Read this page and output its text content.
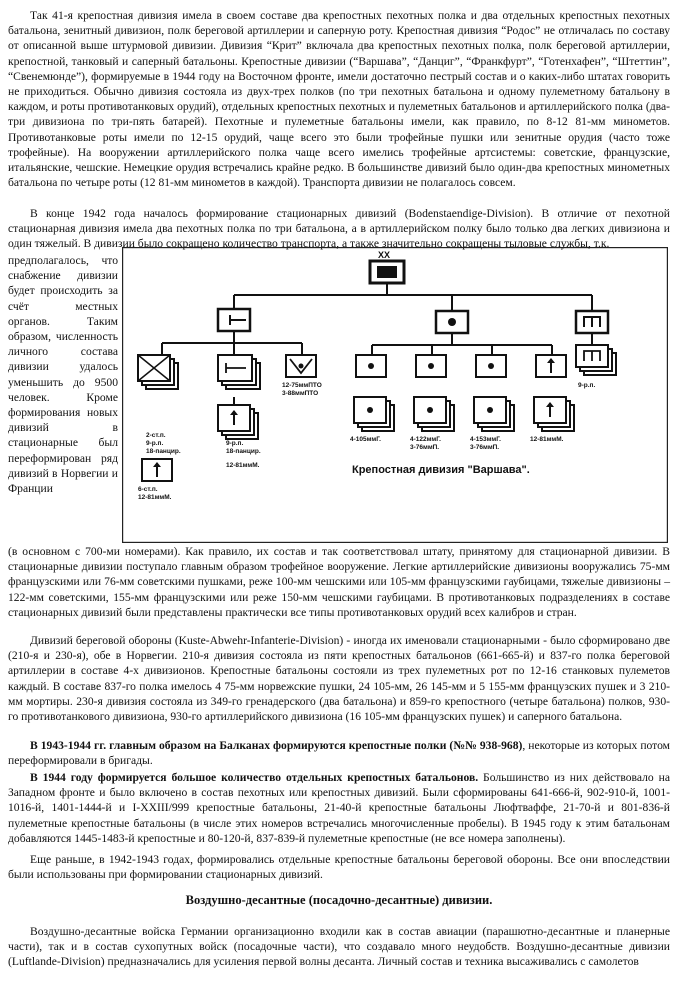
Так 41-я крепостная дивизия имела в своем составе два крепостных пехотных полка и два отдельных крепостных пехотных батальона, зенитный дивизион, полк береговой артиллерии и саперную роту. Крепостная дивизия “Родос” не отличалась по составу от описанной выше штурмовой дивизии. Дивизия “Крит” включала два крепостных пехотных полка, полк береговой артиллерии, крепостной, танковый и саперный батальоны. Крепостные дивизии (“Варшава”, “Данциг”, “Франкфурт”, “Готенхафен”, “Штеттин”, “Свенемюнде”), формируемые в 1944 году на Восточном фронте, имели достаточно пестрый состав и о каких-либо штатах говорить не приходиться. Обычно дивизия состояла из двух-трех полков (по три пехотных батальона и одному пулеметному батальону в каждом, и роты противотанковых орудий), отдельных крепостных пехотных и пулеметных батальонов и артиллерийского полка (два-три дивизиона по три-пять батарей). Пехотные и пулеметные батальоны имели, как правило, по 8-12 81-мм минометов. Противотанковые роты имели по 12-15 орудий, чаще всего это были трофейные пушки или зенитные орудия (часто тоже трофейные). На вооружении артиллерийского полка чаще всего имелись трофейные артсистемы: советские, французские, итальянские, чешские. Немецкие орудия встречались крайне редко. В большинстве дивизий было один-два крепостных минометных батальона по четыре роты (12 81-мм минометов в каждой). Транспорта дивизии не полагалось совсем.

В конце 1942 года началось формирование стационарных дивизий (Bodenstaendige-Division). В отличие от пехотной стационарная дивизия имела два пехотных полка по три батальона, а в артиллерийском полку было только два легких дивизиона и один тяжелый. В дивизии было сокращено количество транспорта, а также значительно сокращены тыловые службы, т.к.

предполагалось, что снабжение дивизии будет происходить за счёт местных органов. Таким образом, численность личного состава дивизии удалось уменьшить до 9500 человек. Кроме формирования новых дивизий в стационарные был переформирован ряд дивизий в Норвегии и Франции
XX
2-ст.п. 9-р.п. 18-панцир.
9-р.п. 18-панцир.
12-75ммПТО 3-88ммПТО
12-81ммМ.
6-ст.п. 12-81ммМ.
4-105ммГ.	4-122ммГ. 3-76ммП.
4-153ммГ. 3-76ммП.
12-81ммМ.
9-р.п.
Крепостная дивизия "Варшава".

(в основном с 700-ми номерами). Как правило, их состав и так соответствовал штату, принятому для стационарной дивизии. В стационарные дивизии поступало главным образом трофейное вооружение. Легкие артиллерийские дивизионы вооружались 75-мм французскими или 76-мм советскими пушками, реже 100-мм чешскими или 105-мм французскими гаубицами, тяжелые дивизионы – 122-мм советскими, 155-мм французскими или реже 150-мм чешскими гаубицами. В противотанковых подразделениях в составе стационарных дивизий были представлены практически все типы противотанковых орудий всех калибров и стран.

Дивизий береговой обороны (Kuste-Abwehr-Infanterie-Division) - иногда их именовали стационарными - было сформировано две (210-я и 230-я), обе в Норвегии. 210-я дивизия состояла из пяти крепостных батальонов (661-665-й) и 837-го полка береговой артиллерии в составе 4-х дивизионов. Крепостные батальоны состояли из трех пулеметных рот по 12-16 станковых пулеметов каждый. В составе 837-го полка имелось 4 75-мм норвежские пушки, 24 105-мм, 26 145-мм и 5 155-мм французских пушек и 3 210-мм мортиры. 230-я дивизия состояла из 349-го гренадерского (два батальона) и 859-го крепостного (четыре батальона) полков, 930-го противотанкового дивизиона, 930-го артиллерийского дивизиона (16 105-мм французских пушек) и саперного батальона.

В 1943-1944 гг. главным образом на Балканах формируются крепостные полки (№№ 938-968), некоторые из которых потом переформировали в бригады.

В 1944 году формируется большое количество отдельных крепостных батальонов. Большинство из них действовало на Западном фронте и было включено в состав пехотных или крепостных дивизий. Были сформированы 641-666-й, 902-910-й, 1001-1016-й, 1401-1444-й и I-XXIII/999 крепостные батальоны, 21-40-й крепостные батальоны Люфтваффе, 21-70-й и 801-836-й пулеметные крепостные батальоны (в числе этих номеров встречались многочисленные пробелы). В 1945 году к этим батальонам добавляются 1445-1483-й крепостные и 80-120-й, 837-839-й пулеметные крепостные (не все номера заполнены).

Еще раньше, в 1942-1943 годах, формировались отдельные крепостные батальоны береговой обороны. Все они впоследствии были использованы при формировании стационарных дивизий.

Воздушно-десантные (посадочно-десантные) дивизии.

Воздушно-десантные войска Германии организационно входили как в состав авиации (парашютно-десантные и планерные части), так и в состав сухопутных войск (посадочные части), что создавало много неудобств. Воздушно-десантные дивизии (Luftlande-Division) предназначались для усиления первой волны десанта. Личный состав и техника высаживались с самолетов
